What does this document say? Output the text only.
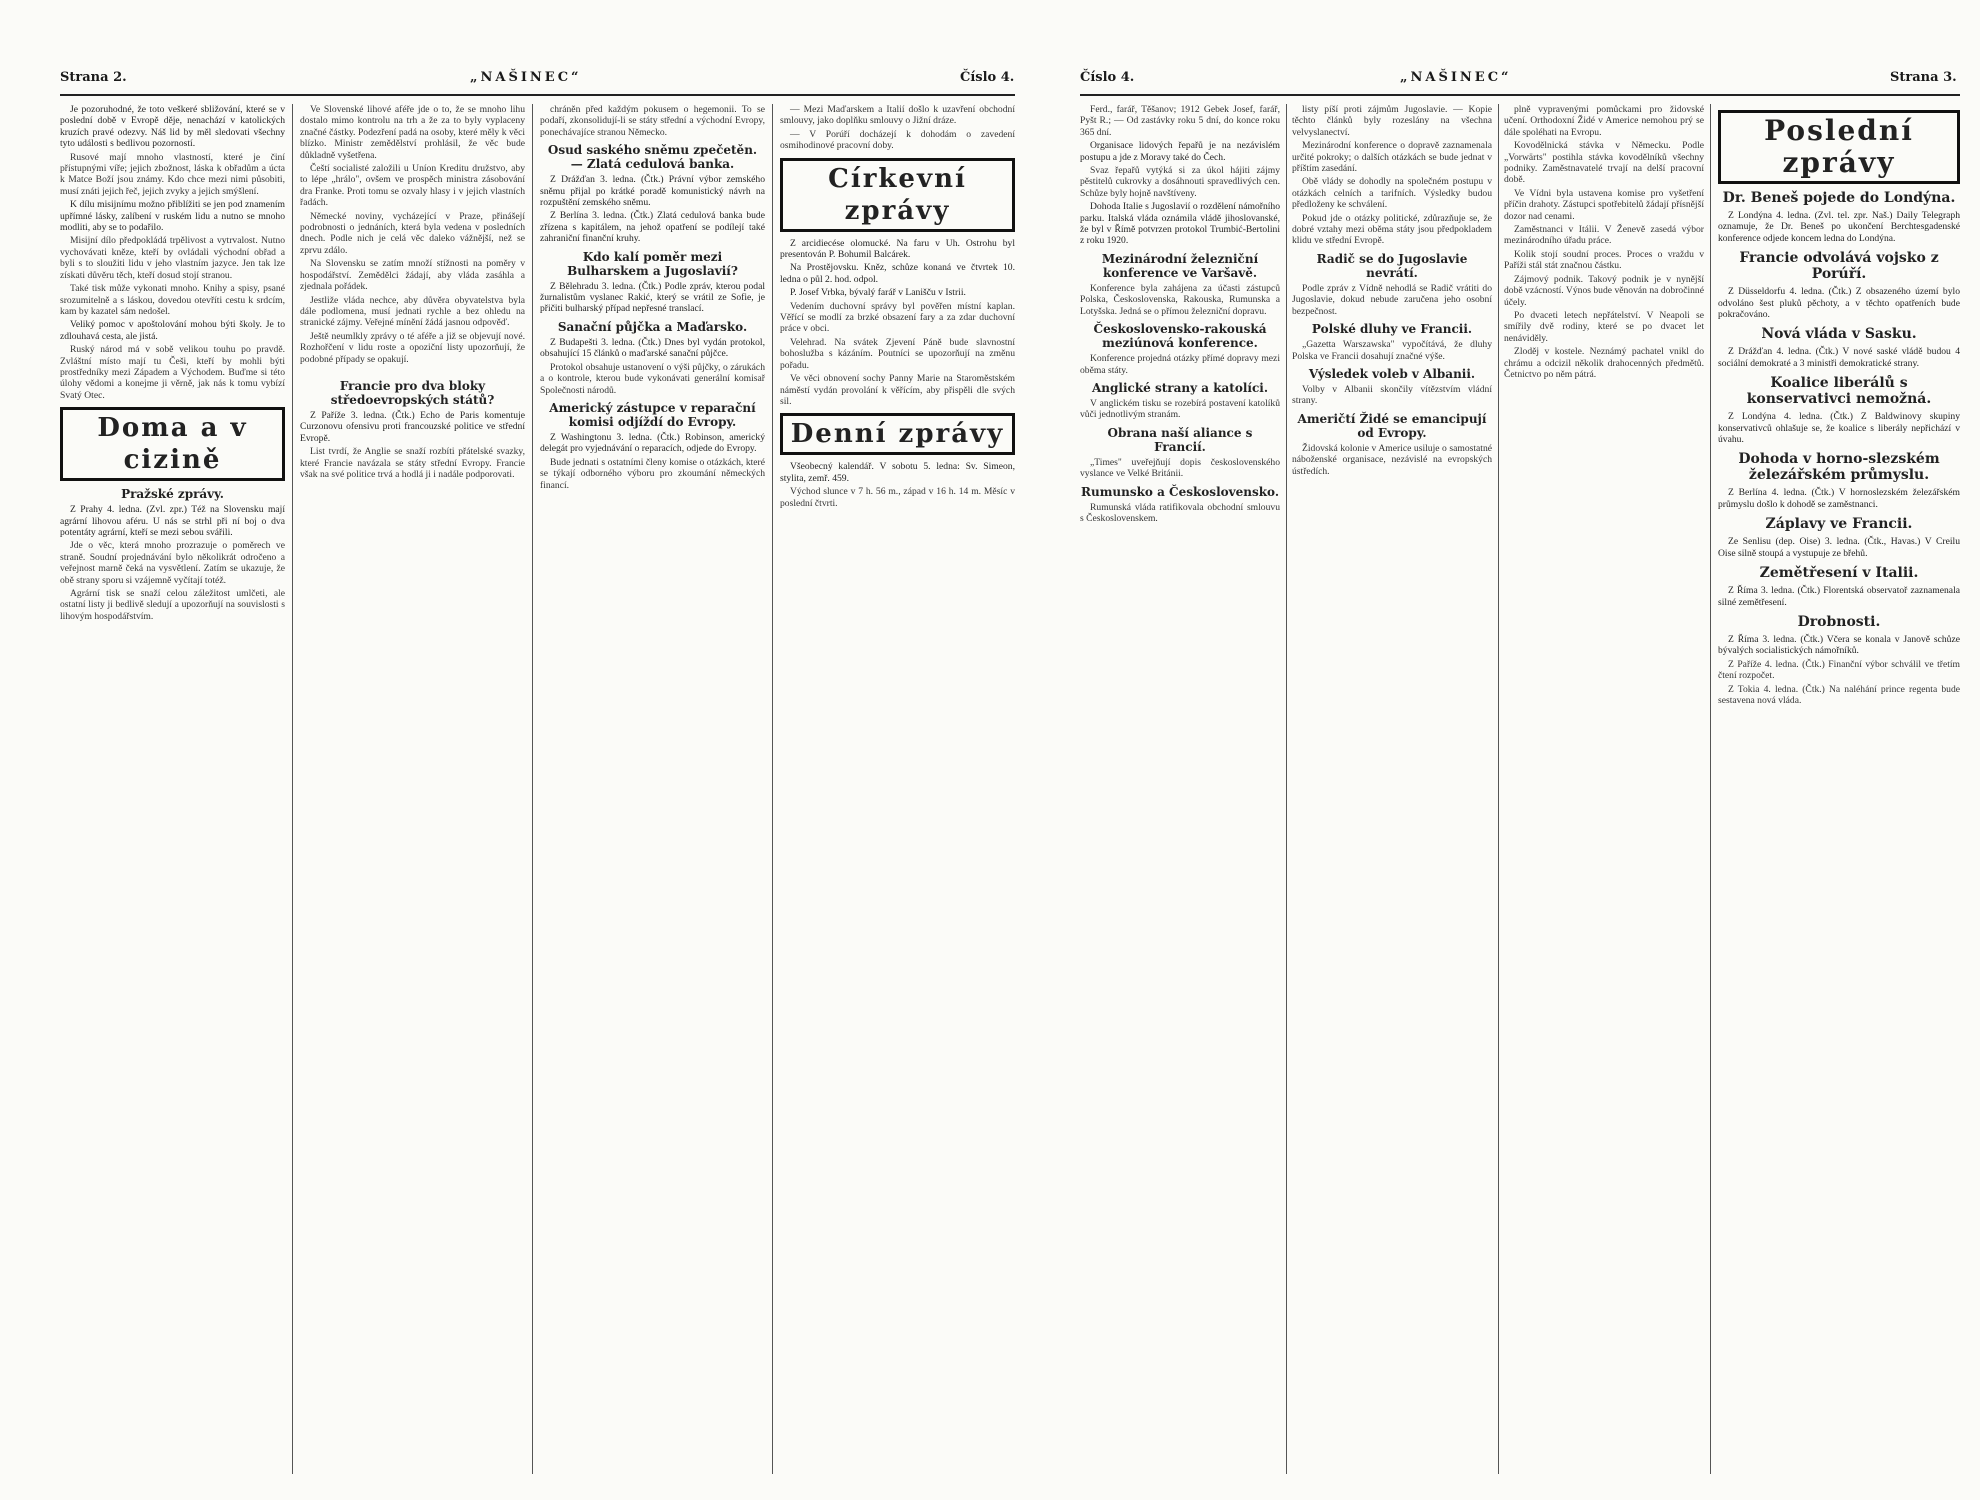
Strana 2.	„NAŠINEC“	Číslo 4.

Je pozoruhodné, že toto veškeré sbližování, které se v poslední době v Evropě děje, nenachází v katolických kruzích pravé odezvy. Náš lid by měl sledovati všechny tyto události s bedlivou pozorností.

Rusové mají mnoho vlastností, které je činí přístupnými víře; jejich zbožnost, láska k obřadům a úcta k Matce Boží jsou známy. Kdo chce mezi nimi působiti, musí znáti jejich řeč, jejich zvyky a jejich smýšlení.

K dílu misijnímu možno přiblížiti se jen pod znamením upřímné lásky, zalíbení v ruském lidu a nutno se mnoho modliti, aby se to podařilo.

Misijní dílo předpokládá trpělivost a vytrvalost. Nutno vychovávati kněze, kteří by ovládali východní obřad a byli s to sloužiti lidu v jeho vlastním jazyce. Jen tak lze získati důvěru těch, kteří dosud stojí stranou.

Také tisk může vykonati mnoho. Knihy a spisy, psané srozumitelně a s láskou, dovedou otevříti cestu k srdcím, kam by kazatel sám nedošel.

Veliký pomoc v apoštolování mohou býti školy. Je to zdlouhavá cesta, ale jistá.

Ruský národ má v sobě velikou touhu po pravdě. Zvláštní místo mají tu Češi, kteří by mohli býti prostředníky mezi Západem a Východem. Buďme si této úlohy vědomi a konejme ji věrně, jak nás k tomu vybízí Svatý Otec.

Doma a v cizině
Pražské zprávy.

Z Prahy 4. ledna. (Zvl. zpr.) Též na Slovensku mají agrární lihovou aféru. U nás se strhl při ní boj o dva potentáty agrární, kteří se mezi sebou svářili.

Jde o věc, která mnoho prozrazuje o poměrech ve straně. Soudní projednávání bylo několikrát odročeno a veřejnost marně čeká na vysvětlení. Zatím se ukazuje, že obě strany sporu si vzájemně vyčítají totéž.

Agrární tisk se snaží celou záležitost umlčeti, ale ostatní listy ji bedlivě sledují a upozorňují na souvislosti s lihovým hospodářstvím.

Ve Slovenské lihové aféře jde o to, že se mnoho lihu dostalo mimo kontrolu na trh a že za to byly vyplaceny značné částky. Podezření padá na osoby, které měly k věci blízko. Ministr zemědělství prohlásil, že věc bude důkladně vyšetřena.

Čeští socialisté založili u Uníon Kreditu družstvo, aby to lépe „hrálo", ovšem ve prospěch ministra zásobování dra Franke. Proti tomu se ozvaly hlasy i v jejich vlastních řadách.

Německé noviny, vycházející v Praze, přinášejí podrobnosti o jednáních, která byla vedena v posledních dnech. Podle nich je celá věc daleko vážnější, než se zprvu zdálo.

Na Slovensku se zatím množí stížnosti na poměry v hospodářství. Zemědělci žádají, aby vláda zasáhla a zjednala pořádek.

Jestliže vláda nechce, aby důvěra obyvatelstva byla dále podlomena, musí jednati rychle a bez ohledu na stranické zájmy. Veřejné mínění žádá jasnou odpověď.

Ještě neumlkly zprávy o té aféře a již se objevují nové. Rozhořčení v lidu roste a opoziční listy upozorňují, že podobné případy se opakují.

Francie pro dva bloky středoevropských států?

Z Paříže 3. ledna. (Čtk.) Echo de Paris komentuje Curzonovu ofensivu proti francouzské politice ve střední Evropě.

List tvrdí, že Anglie se snaží rozbíti přátelské svazky, které Francie navázala se státy střední Evropy. Francie však na své politice trvá a hodlá ji i nadále podporovati.

chráněn před každým pokusem o hegemonii. To se podaří, zkonsolidují-li se státy střední a východní Evropy, ponechávajíce stranou Německo.

Osud saského sněmu zpečetěn. — Zlatá cedulová banka.

Z Drážďan 3. ledna. (Čtk.) Právní výbor zemského sněmu přijal po krátké poradě komunistický návrh na rozpuštění zemského sněmu.

Z Berlína 3. ledna. (Čtk.) Zlatá cedulová banka bude zřízena s kapitálem, na jehož opatření se podílejí také zahraniční finanční kruhy.

Kdo kalí poměr mezi Bulharskem a Jugoslavií?

Z Bělehradu 3. ledna. (Čtk.) Podle zpráv, kterou podal žurnalistům vyslanec Rakić, který se vrátil ze Sofie, je přičiti bulharský případ nepřesné translací.

Sanační půjčka a Maďarsko.

Z Budapešti 3. ledna. (Čtk.) Dnes byl vydán protokol, obsahující 15 článků o maďarské sanační půjčce.

Protokol obsahuje ustanovení o výši půjčky, o zárukách a o kontrole, kterou bude vykonávati generální komisař Společnosti národů.

Americký zástupce v reparační komisi odjíždí do Evropy.

Z Washingtonu 3. ledna. (Čtk.) Robinson, americký delegát pro vyjednávání o reparacích, odjede do Evropy.

Bude jednati s ostatními členy komise o otázkách, které se týkají odborného výboru pro zkoumání německých financí.

— Mezi Maďarskem a Italií došlo k uzavření obchodní smlouvy, jako doplňku smlouvy o Jižní dráze.

— V Porúří docházejí k dohodám o zavedení osmihodinové pracovní doby.

Církevní zprávy

Z arcidiecése olomucké. Na faru v Uh. Ostrohu byl presentován P. Bohumil Balcárek.

Na Prostějovsku. Kněz, schůze konaná ve čtvrtek 10. ledna o půl 2. hod. odpol.

P. Josef Vrbka, bývalý farář v Lanišču v Istrii.

Vedením duchovní správy byl pověřen místní kaplan. Věřící se modlí za brzké obsazení fary a za zdar duchovní práce v obci.

Velehrad. Na svátek Zjevení Páně bude slavnostní bohoslužba s kázáním. Poutníci se upozorňují na změnu pořadu.

Ve věci obnovení sochy Panny Marie na Staroměstském náměstí vydán provolání k věřícím, aby přispěli dle svých sil.

Denní zprávy

Všeobecný kalendář. V sobotu 5. ledna: Sv. Simeon, stylita, zemř. 459.

Východ slunce v 7 h. 56 m., západ v 16 h. 14 m. Měsíc v poslední čtvrti.

Číslo 4.	„NAŠINEC“	Strana 3.

Ferd., farář, Těšanov; 1912 Gebek Josef, farář, Pyšt R.; — Od zastávky roku 5 dní, do konce roku 365 dní.

Organisace lidových řepařů je na nezávislém postupu a jde z Moravy také do Čech.

Svaz řepařů vytýká si za úkol hájiti zájmy pěstitelů cukrovky a dosáhnouti spravedlivých cen. Schůze byly hojně navštíveny.

Dohoda Italie s Jugoslavií o rozdělení námořního parku. Italská vláda oznámila vládě jihoslovanské, že byl v Římě potvrzen protokol Trumbić-Bertolini z roku 1920.

Mezinárodní železniční konference ve Varšavě.

Konference byla zahájena za účasti zástupců Polska, Československa, Rakouska, Rumunska a Lotyšska. Jedná se o přímou železniční dopravu.

Československo-rakouská meziúnová konference.

Konference projedná otázky přímé dopravy mezi oběma státy.

Anglické strany a katolíci.

V anglickém tisku se rozebírá postavení katolíků vůči jednotlivým stranám.

Obrana naší aliance s Francií.

„Times" uveřejňují dopis československého vyslance ve Velké Británii.

Rumunsko a Československo.

Rumunská vláda ratifikovala obchodní smlouvu s Československem.

listy píší proti zájmům Jugoslavie. — Kopie těchto článků byly rozeslány na všechna velvyslanectví.

Mezinárodní konference o dopravě zaznamenala určité pokroky; o dalších otázkách se bude jednat v příštím zasedání.

Obě vlády se dohodly na společném postupu v otázkách celních a tarifních. Výsledky budou předloženy ke schválení.

Pokud jde o otázky politické, zdůrazňuje se, že dobré vztahy mezi oběma státy jsou předpokladem klidu ve střední Evropě.

Radič se do Jugoslavie nevrátí.

Podle zpráv z Vídně nehodlá se Radič vrátiti do Jugoslavie, dokud nebude zaručena jeho osobní bezpečnost.

Polské dluhy ve Francii.

„Gazetta Warszawska" vypočítává, že dluhy Polska ve Francii dosahují značné výše.

Výsledek voleb v Albanii.

Volby v Albanii skončily vítězstvím vládní strany.

Američtí Židé se emancipují od Evropy.

Židovská kolonie v Americe usiluje o samostatné náboženské organisace, nezávislé na evropských ústředích.

plně vypravenými pomůckami pro židovské učení. Orthodoxní Židé v Americe nemohou prý se dále spoléhati na Evropu.

Kovodělnická stávka v Německu. Podle „Vorwärts" postihla stávka kovodělníků všechny podniky. Zaměstnavatelé trvají na delší pracovní době.

Ve Vídni byla ustavena komise pro vyšetření příčin drahoty. Zástupci spotřebitelů žádají přísnější dozor nad cenami.

Zaměstnanci v Itálii. V Ženevě zasedá výbor mezinárodního úřadu práce.

Kolik stojí soudní proces. Proces o vraždu v Paříži stál stát značnou částku.

Zájmový podnik. Takový podnik je v nynější době vzácností. Výnos bude věnován na dobročinné účely.

Po dvaceti letech nepřátelství. V Neapoli se smířily dvě rodiny, které se po dvacet let nenáviděly.

Zloděj v kostele. Neznámý pachatel vnikl do chrámu a odcizil několik drahocenných předmětů. Četnictvo po něm pátrá.

Poslední zprávy
Dr. Beneš pojede do Londýna.

Z Londýna 4. ledna. (Zvl. tel. zpr. Naš.) Daily Telegraph oznamuje, že Dr. Beneš po ukončení Berchtesgadenské konference odjede koncem ledna do Londýna.

Francie odvolává vojsko z Porúří.

Z Düsseldorfu 4. ledna. (Čtk.) Z obsazeného území bylo odvoláno šest pluků pěchoty, a v těchto opatřeních bude pokračováno.

Nová vláda v Sasku.

Z Drážďan 4. ledna. (Čtk.) V nové saské vládě budou 4 sociální demokraté a 3 ministři demokratické strany.

Koalice liberálů s konservativci nemožná.

Z Londýna 4. ledna. (Čtk.) Z Baldwinovy skupiny konservativců ohlašuje se, že koalice s liberály nepřichází v úvahu.

Dohoda v horno-slezském železářském průmyslu.

Z Berlína 4. ledna. (Čtk.) V hornoslezském železářském průmyslu došlo k dohodě se zaměstnanci.

Záplavy ve Francii.

Ze Senlisu (dep. Oise) 3. ledna. (Čtk., Havas.) V Creilu Oise silně stoupá a vystupuje ze břehů.

Zemětřesení v Italii.

Z Říma 3. ledna. (Čtk.) Florentská observatoř zaznamenala silné zemětřesení.

Drobnosti.

Z Říma 3. ledna. (Čtk.) Včera se konala v Janově schůze bývalých socialistických námořníků.

Z Paříže 4. ledna. (Čtk.) Finanční výbor schválil ve třetím čtení rozpočet.

Z Tokia 4. ledna. (Čtk.) Na naléhání prince regenta bude sestavena nová vláda.
